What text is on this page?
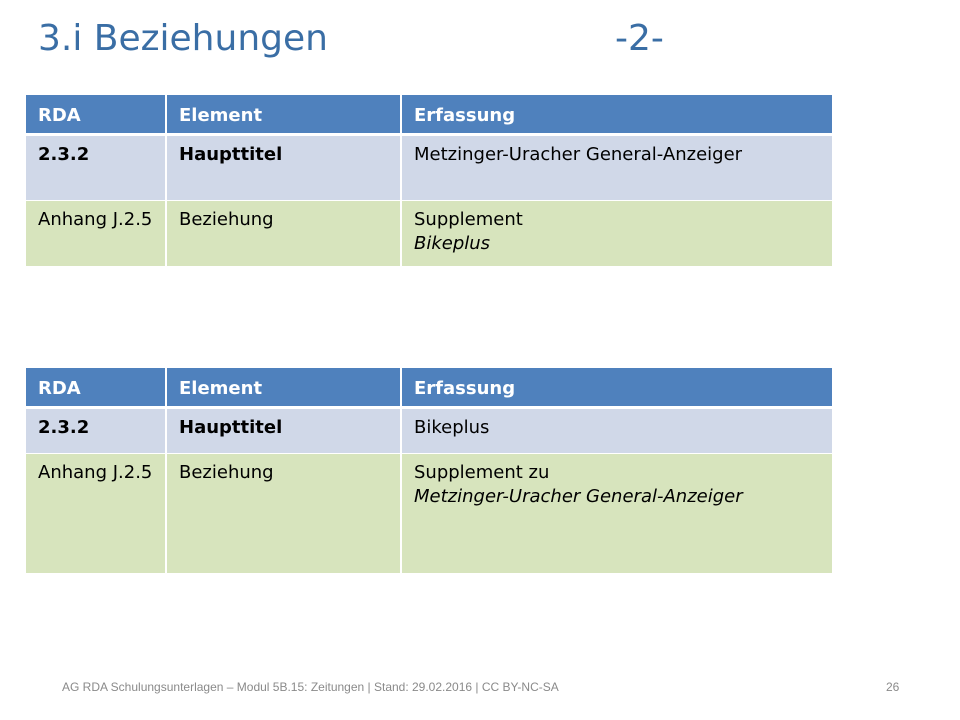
3.i Beziehungen	-2-
RDA	Element	Erfassung
2.3.2	Haupttitel	Metzinger-Uracher General-Anzeiger
Anhang J.2.5	Beziehung	Supplement
Bikeplus
RDA	Element	Erfassung
2.3.2	Haupttitel	Bikeplus
Anhang J.2.5	Beziehung	Supplement zu
Metzinger-Uracher General-Anzeiger
AG RDA Schulungsunterlagen – Modul 5B.15: Zeitungen | Stand: 29.02.2016 | CC BY-NC-SA	26
